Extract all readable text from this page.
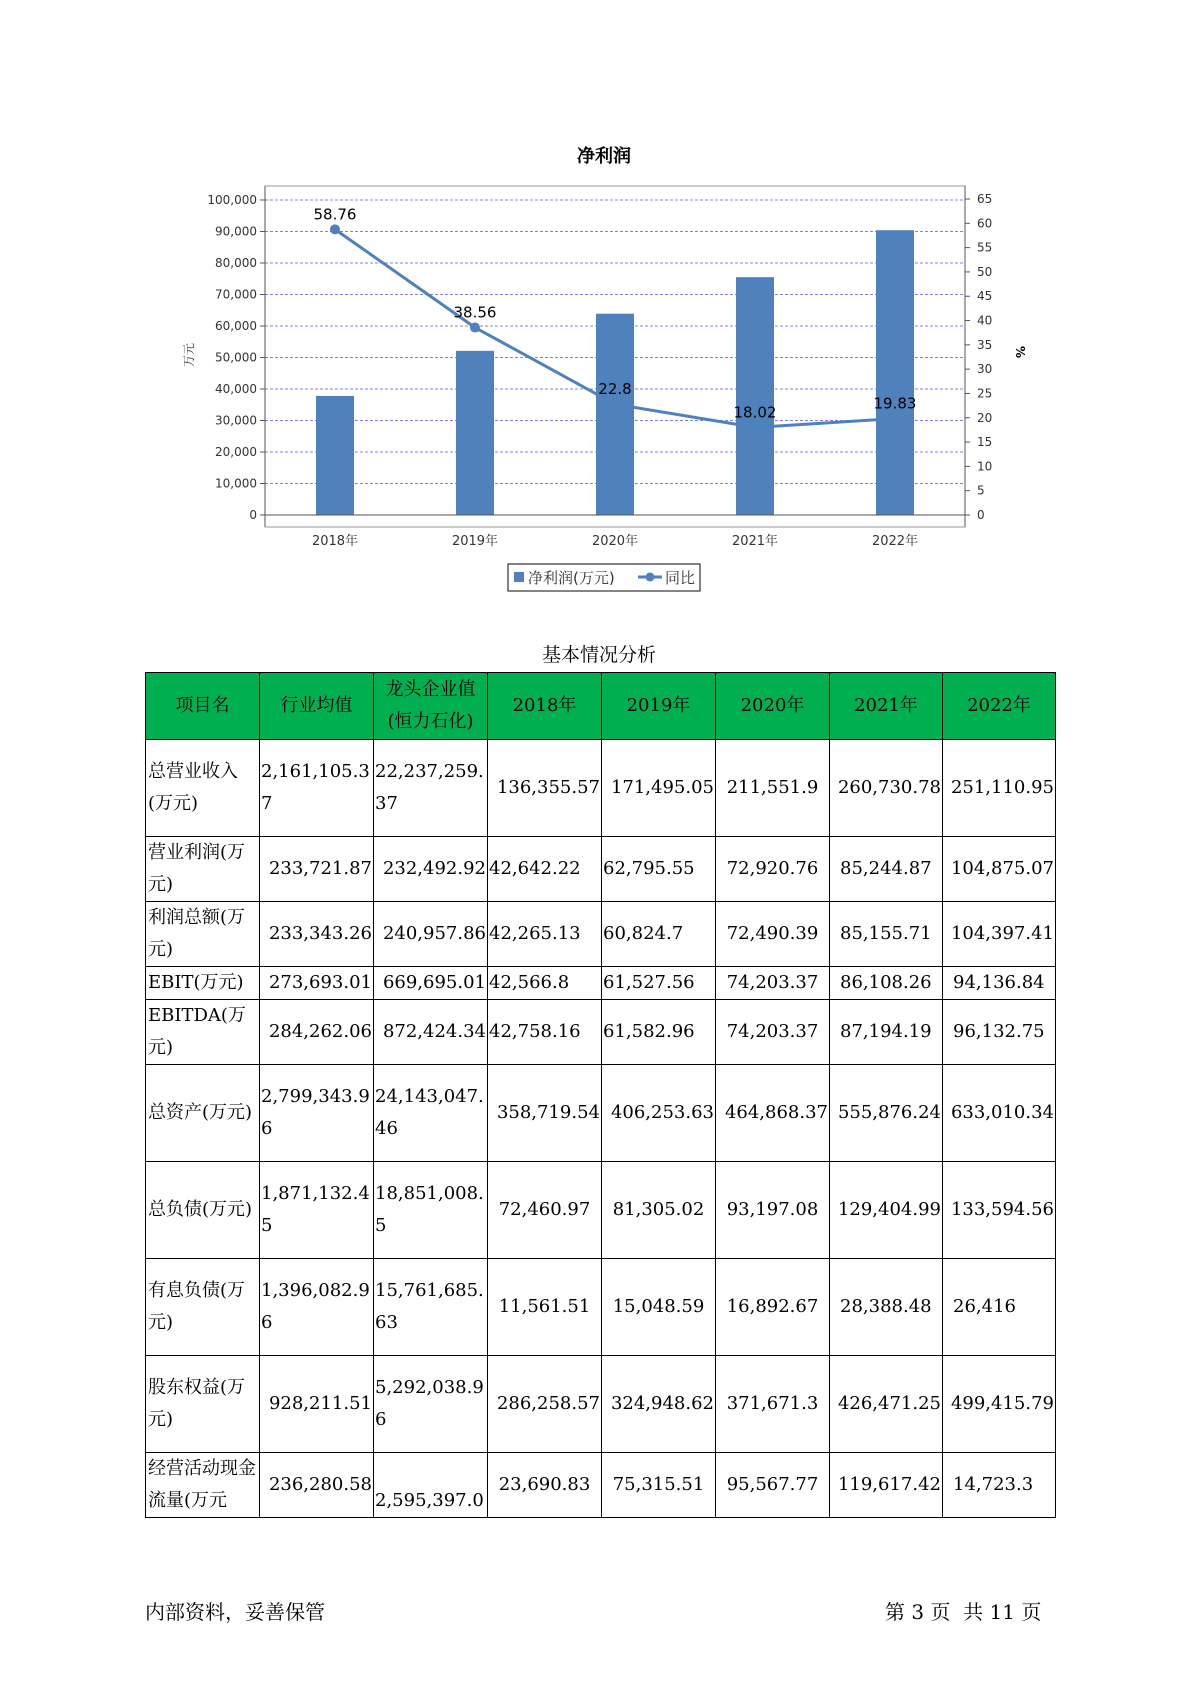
净利润
58.76
38.56
22.8
18.02	19.83
0
10,000
20,000
30,000
40,000
50,000
60,000
70,000
80,000
90,000
100,000
0
5
10
15
20
25
30
35
40
45
50
55
60
65
2018年	2019年	2020年	2021年	2022年
万元	%
净利润(万元)	同比
基本情况分析
项目名	行业均值	龙头企业值(恒力石化)	2018年	2019年	2020年	2021年	2022年
总营业收入(万元)	2,161,105.37	22,237,259.37	136,355.57	171,495.05	211,551.9	260,730.78	251,110.95
营业利润(万元)	233,721.87	232,492.92	42,642.22	62,795.55	72,920.76	85,244.87	104,875.07
利润总额(万元)	233,343.26	240,957.86	42,265.13	60,824.7	72,490.39	85,155.71	104,397.41
EBIT(万元)	273,693.01	669,695.01	42,566.8	61,527.56	74,203.37	86,108.26	94,136.84
EBITDA(万元)	284,262.06	872,424.34	42,758.16	61,582.96	74,203.37	87,194.19	96,132.75
总资产(万元)	2,799,343.96	24,143,047.46	358,719.54	406,253.63	464,868.37	555,876.24	633,010.34
总负债(万元)	1,871,132.45	18,851,008.5	72,460.97	81,305.02	93,197.08	129,404.99	133,594.56
有息负债(万元)	1,396,082.96	15,761,685.63	11,561.51	15,048.59	16,892.67	28,388.48	26,416
股东权益(万元)	928,211.51	5,292,038.96	286,258.57	324,948.62	371,671.3	426,471.25	499,415.79
经营活动现金流量(万元	236,280.58	2,595,397.0	23,690.83	75,315.51	95,567.77	119,617.42	14,723.3
内部资料，妥善保管	第 3 页  共 11 页
